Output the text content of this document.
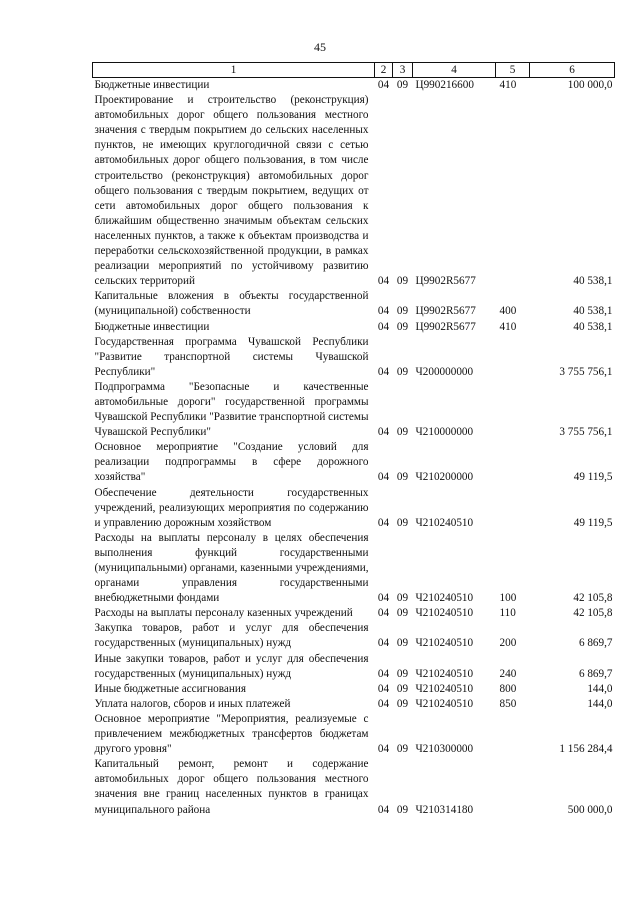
45
1	2	3	4	5	6
Бюджетные инвестиции	04	09	Ц990216600	410	100 000,0
Проектирование и строительство (реконструкция) автомобильных дорог общего пользования местного значения с твердым покрытием до сельских населенных пунктов, не имеющих круглогодичной связи с сетью автомобильных дорог общего пользования, в том числе строительство (реконструкция) автомобильных дорог общего пользования с твердым покрытием, ведущих от сети автомобильных дорог общего пользования к ближайшим общественно значимым объектам сельских населенных пунктов, а также к объектам производства и переработки сельскохозяйственной продукции, в рамках реализации мероприятий по устойчивому развитию сельских территорий	04	09	Ц9902R5677		40 538,1
Капитальные вложения в объекты государственной (муниципальной) собственности	04	09	Ц9902R5677	400	40 538,1
Бюджетные инвестиции	04	09	Ц9902R5677	410	40 538,1
Государственная программа Чувашской Республики "Развитие транспортной системы Чувашской Республики"	04	09	Ч200000000		3 755 756,1
Подпрограмма "Безопасные и качественные автомобильные дороги" государственной программы Чувашской Республики "Развитие транспортной системы Чувашской Республики"	04	09	Ч210000000		3 755 756,1
Основное мероприятие "Создание условий для реализации подпрограммы в сфере дорожного хозяйства"	04	09	Ч210200000		49 119,5
Обеспечение деятельности государственных учреждений, реализующих мероприятия по содержанию и управлению дорожным хозяйством	04	09	Ч210240510		49 119,5
Расходы на выплаты персоналу в целях обеспечения выполнения функций государственными (муниципальными) органами, казенными учреждениями, органами управления государственными внебюджетными фондами	04	09	Ч210240510	100	42 105,8
Расходы на выплаты персоналу казенных учреждений	04	09	Ч210240510	110	42 105,8
Закупка товаров, работ и услуг для обеспечения государственных (муниципальных) нужд	04	09	Ч210240510	200	6 869,7
Иные закупки товаров, работ и услуг для обеспечения государственных (муниципальных) нужд	04	09	Ч210240510	240	6 869,7
Иные бюджетные ассигнования	04	09	Ч210240510	800	144,0
Уплата налогов, сборов и иных платежей	04	09	Ч210240510	850	144,0
Основное мероприятие "Мероприятия, реализуемые с привлечением межбюджетных трансфертов бюджетам другого уровня"	04	09	Ч210300000		1 156 284,4
Капитальный ремонт, ремонт и содержание автомобильных дорог общего пользования местного значения вне границ населенных пунктов в границах муниципального района	04	09	Ч210314180		500 000,0
